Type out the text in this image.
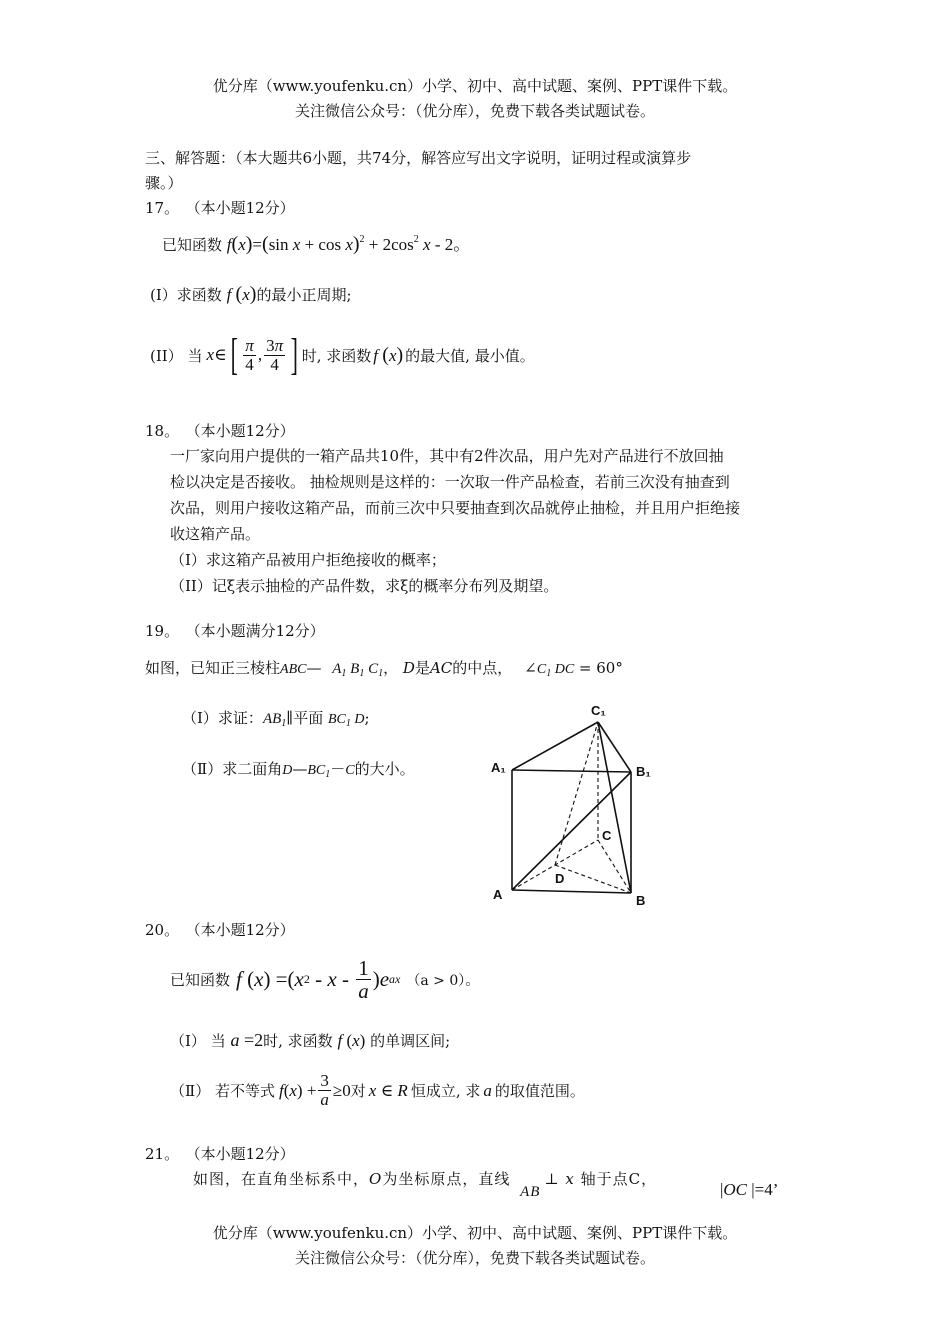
优分库（www.youfenku.cn）小学、初中、高中试题、案例、PPT课件下载。
关注微信公众号：（优分库），免费下载各类试题试卷。
三、解答题：（本大题共6小题，共74分，解答应写出文字说明，证明过程或演算步
骤。）
17。 （本小题12分）
已知函数 f(x)=(sin $x + \cos x)^2 + 2\cos^2$ x - 2。
(I）求函数 f (x)的最小正周期;
(II） 当 x ∈ [ $\frac{\pi}{4}$ , $\frac{3\pi}{4}$ ] 时, 求函数 f (x) 的最大值, 最小值。
18。 （本小题12分）
一厂家向用户提供的一箱产品共10件，其中有2件次品，用户先对产品进行不放回抽
检以决定是否接收。 抽检规则是这样的：一次取一件产品检查，若前三次没有抽查到
次品，则用户接收这箱产品，而前三次中只要抽查到次品就停止抽检，并且用户拒绝接
收这箱产品。
（I）求这箱产品被用户拒绝接收的概率；
（II）记ξ表示抽检的产品件数，求ξ的概率分布列及期望。
19。 （本小题满分12分）
如图，已知正三棱柱ABC— $A_1$ $B_1$ $C_1$， D是AC的中点， $\angle C_1$ DC = 60°
（Ⅰ）求证：$AB_1\parallel$平面 $BC_1$ D;
（Ⅱ）求二面角$D—BC_1-C$的大小。
C₁
A₁	B₁
C
D
A	B
20。 （本小题12分）
已知函数 f ( x ) =( x 2 - x - $\frac{1}{a}$ ) e ax （a > 0）。
（Ⅰ） 当 a =2时, 求函数 f (x) 的单调区间;
（Ⅱ） 若不等式 f ( x ) + $\frac{3}{a} \ge 0$ 对 x ∈ R 恒成立, 求 a 的取值范围。
21。 （本小题12分）
如图，在直角坐标系中，O为坐标原点，直线 AB⊥ x 轴于点C，
|OC |=4’
优分库（www.youfenku.cn）小学、初中、高中试题、案例、PPT课件下载。
关注微信公众号：（优分库），免费下载各类试题试卷。
